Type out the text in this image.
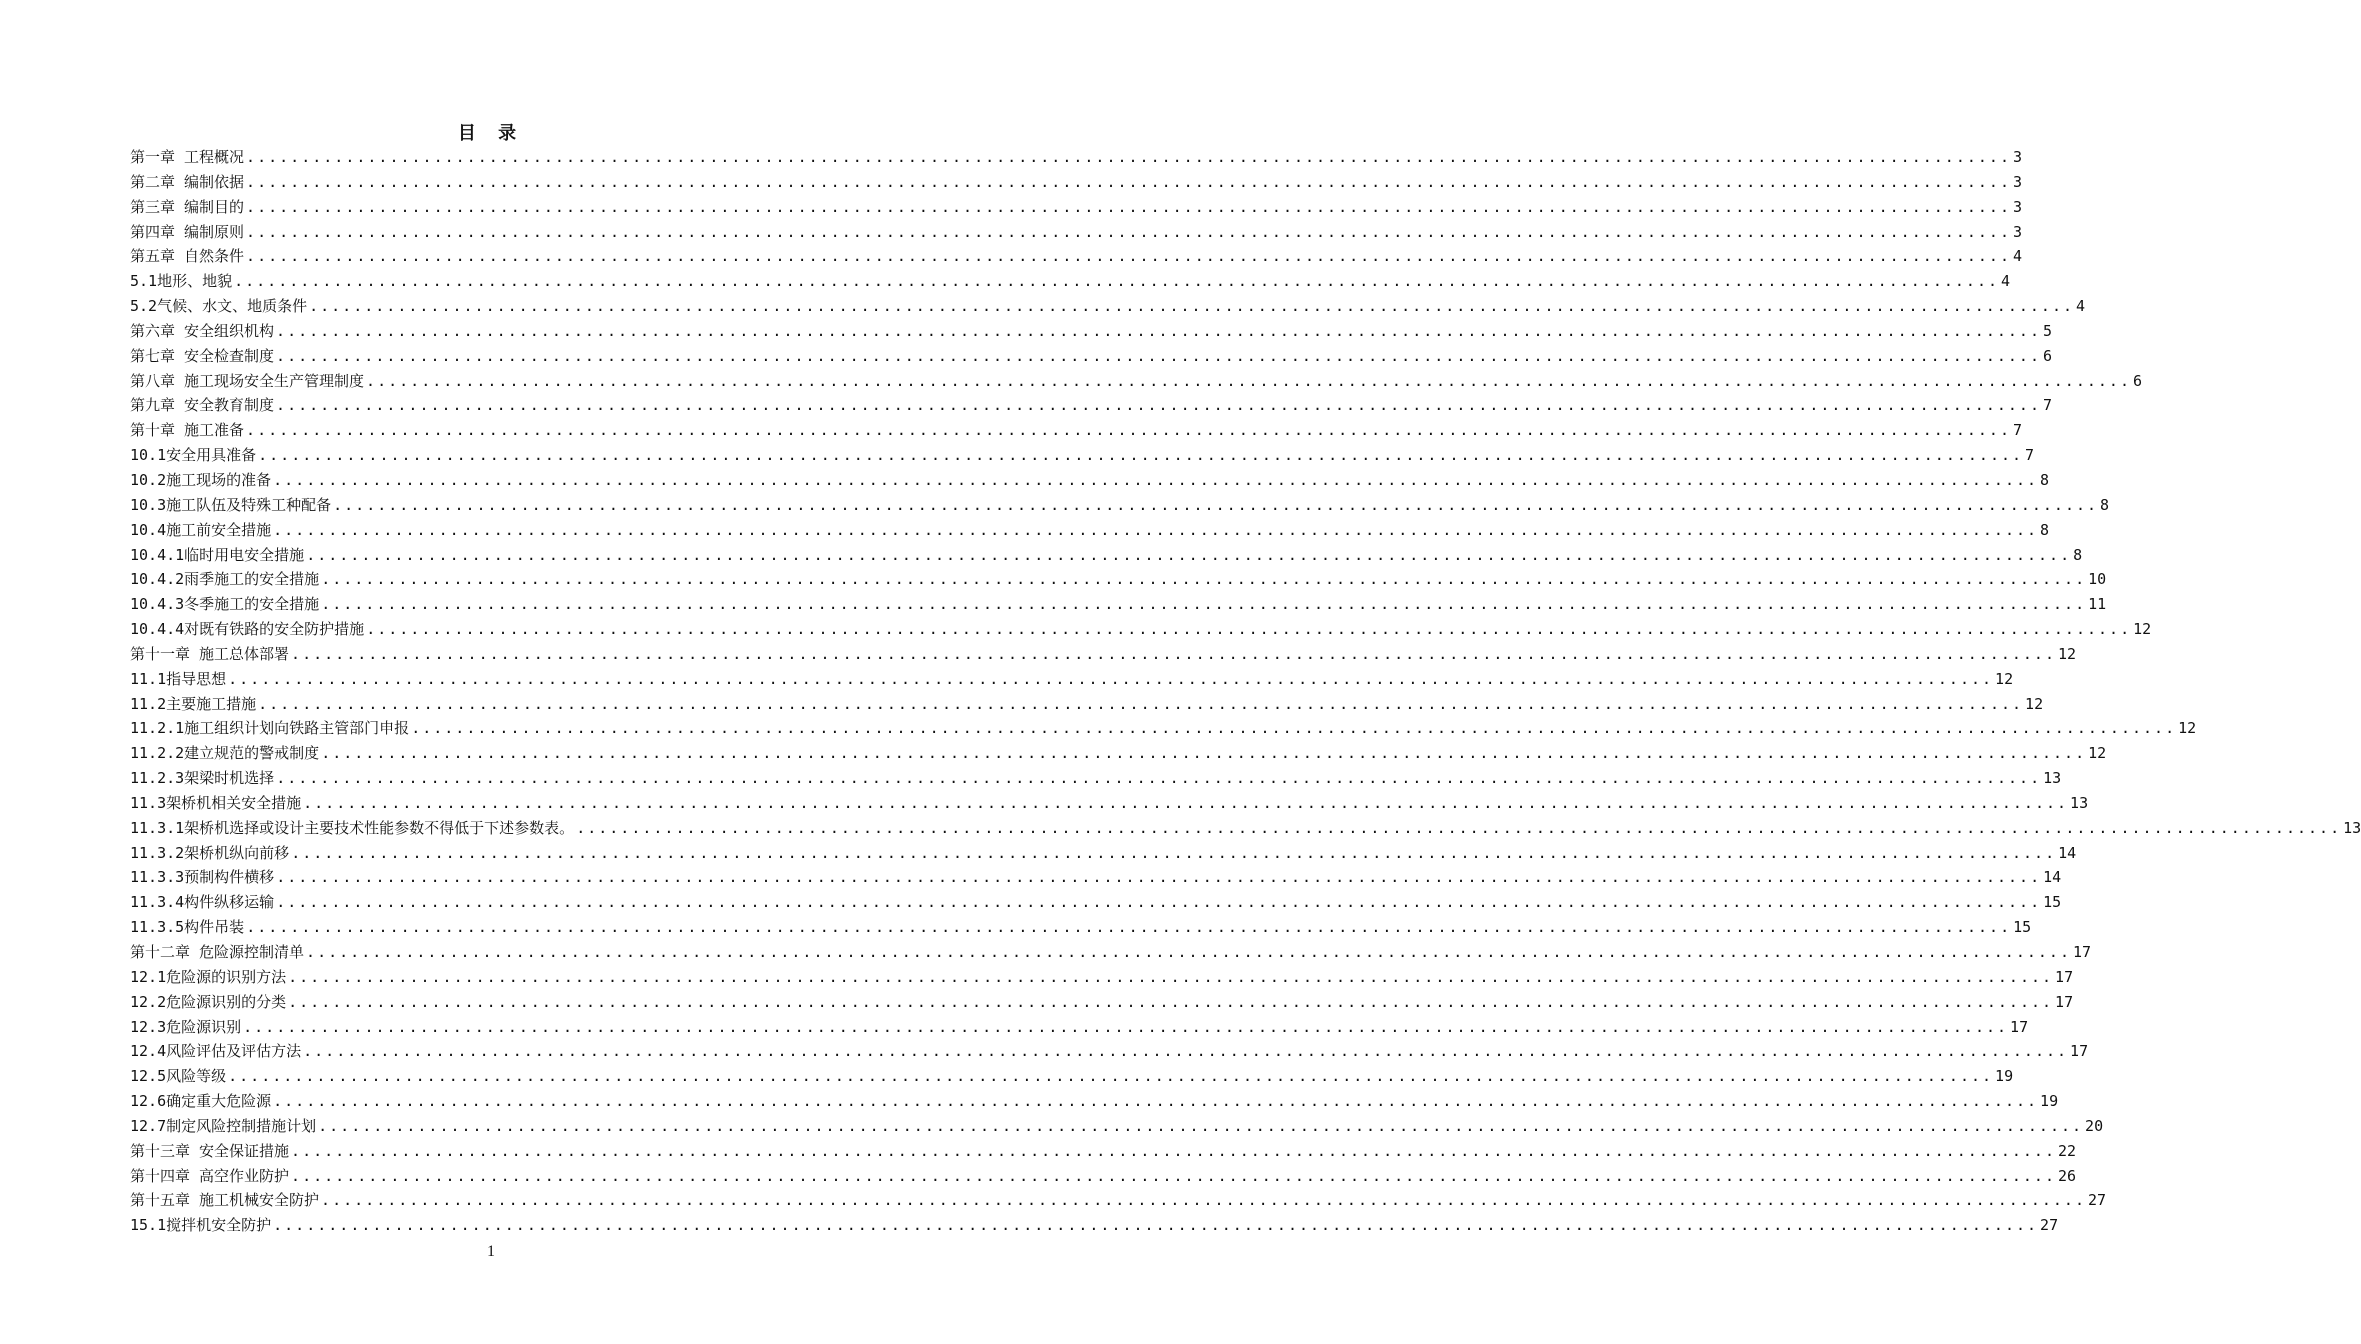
目 录
第一章 工程概况 ................................................................................................................................................................ 3
第二章 编制依据 ................................................................................................................................................................ 3
第三章 编制目的 ................................................................................................................................................................ 3
第四章 编制原则 ................................................................................................................................................................ 3
第五章 自然条件 ................................................................................................................................................................ 4
5.1地形、地貌 ................................................................................................................................................................ 4
5.2气候、水文、地质条件 ................................................................................................................................................................ 4
第六章 安全组织机构 ................................................................................................................................................................ 5
第七章 安全检查制度 ................................................................................................................................................................ 6
第八章 施工现场安全生产管理制度 ................................................................................................................................................................ 6
第九章 安全教育制度 ................................................................................................................................................................ 7
第十章 施工准备 ................................................................................................................................................................ 7
10.1安全用具准备 ................................................................................................................................................................ 7
10.2施工现场的准备 ................................................................................................................................................................ 8
10.3施工队伍及特殊工种配备 ................................................................................................................................................................ 8
10.4施工前安全措施 ................................................................................................................................................................ 8
10.4.1临时用电安全措施 ................................................................................................................................................................ 8
10.4.2雨季施工的安全措施 ................................................................................................................................................................ 10
10.4.3冬季施工的安全措施 ................................................................................................................................................................ 11
10.4.4对既有铁路的安全防护措施 ................................................................................................................................................................ 12
第十一章 施工总体部署 ................................................................................................................................................................ 12
11.1指导思想 ................................................................................................................................................................ 12
11.2主要施工措施 ................................................................................................................................................................ 12
11.2.1施工组织计划向铁路主管部门申报 ................................................................................................................................................................ 12
11.2.2建立规范的警戒制度 ................................................................................................................................................................ 12
11.2.3架梁时机选择 ................................................................................................................................................................ 13
11.3架桥机相关安全措施 ................................................................................................................................................................ 13
11.3.1架桥机选择或设计主要技术性能参数不得低于下述参数表。 ................................................................................................................................................................ 13
11.3.2架桥机纵向前移 ................................................................................................................................................................ 14
11.3.3预制构件横移 ................................................................................................................................................................ 14
11.3.4构件纵移运输 ................................................................................................................................................................ 15
11.3.5构件吊装 ................................................................................................................................................................ 15
第十二章 危险源控制清单 ................................................................................................................................................................ 17
12.1危险源的识别方法 ................................................................................................................................................................ 17
12.2危险源识别的分类 ................................................................................................................................................................ 17
12.3危险源识别 ................................................................................................................................................................ 17
12.4风险评估及评估方法 ................................................................................................................................................................ 17
12.5风险等级 ................................................................................................................................................................ 19
12.6确定重大危险源 ................................................................................................................................................................ 19
12.7制定风险控制措施计划 ................................................................................................................................................................ 20
第十三章 安全保证措施 ................................................................................................................................................................ 22
第十四章 高空作业防护 ................................................................................................................................................................ 26
第十五章 施工机械安全防护 ................................................................................................................................................................ 27
15.1搅拌机安全防护 ................................................................................................................................................................ 27
1
